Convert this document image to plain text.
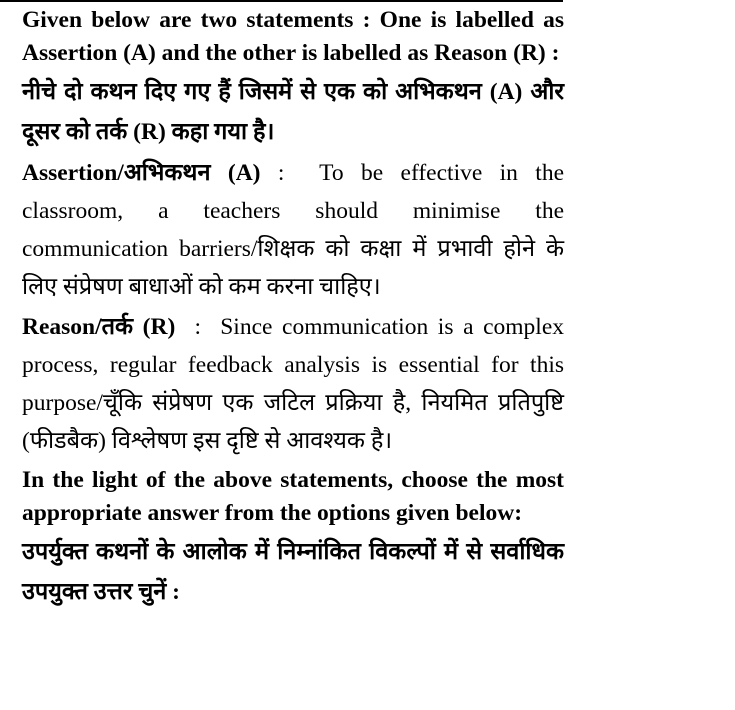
Given below are two statements : One is labelled as Assertion (A) and the other is labelled as Reason (R) :

नीचे दो कथन दिए गए हैं जिसमें से एक को अभिकथन (A) और दूसर को तर्क (R) कहा गया है।

Assertion/अभिकथन (A) :  To be effective in the classroom, a teachers should minimise the communication barriers/शिक्षक को कक्षा में प्रभावी होने के लिए संप्रेषण बाधाओं को कम करना चाहिए।

Reason/तर्क (R)  :  Since communication is a complex process, regular feedback analysis is essential for this purpose/चूँकि संप्रेषण एक जटिल प्रक्रिया है, नियमित प्रतिपुष्टि (फीडबैक) विश्लेषण इस दृष्टि से आवश्यक है।

In the light of the above statements, choose the most appropriate answer from the options given below:

उपर्युक्त कथनों के आलोक में निम्नांकित विकल्पों में से सर्वाधिक उपयुक्त उत्तर चुनें :
